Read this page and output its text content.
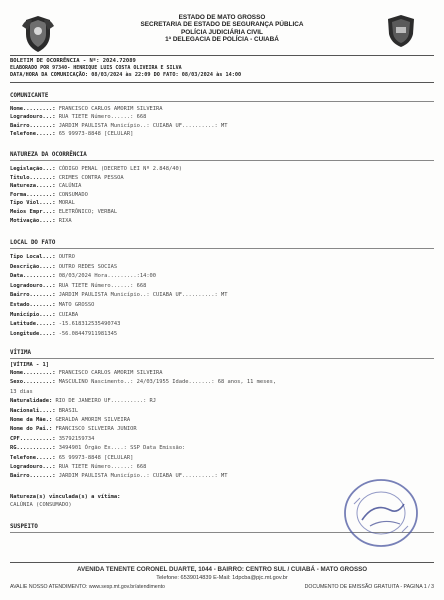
ESTADO DE MATO GROSSO
SECRETARIA DE ESTADO DE SEGURANÇA PÚBLICA
POLÍCIA JUDICIÁRIA CIVIL
1ª DELEGACIA DE POLÍCIA - CUIABÁ
BOLETIM DE OCORRÊNCIA - Nº: 2024.72089
ELABORADO POR 97340- HENRIQUE LUIS COSTA OLIVEIRA E SILVA
DATA/HORA DA COMUNICAÇÃO: 08/03/2024 às 22:09 DO FATO: 08/03/2024 às 14:00
COMUNICANTE
Nome.........: FRANCISCO CARLOS AMORIM SILVEIRA
Logradouro...: RUA TIETE Número......: 668
Bairro.......: JARDIM PAULISTA Município..: CUIABA UF..........: MT
Telefone.....: 65 99973-8848 [CELULAR]
NATUREZA DA OCORRÊNCIA
Legislação...: CÓDIGO PENAL (DECRETO LEI Nº 2.848/40)
Titulo.......: CRIMES CONTRA PESSOA
Natureza.....: CALÚNIA
Forma........: CONSUMADO
Tipo Viol....: MORAL
Meios Empr...: ELETRÔNICO; VERBAL
Motivação....: RIXA
LOCAL DO FATO
Tipo Local...: OUTRO
Descrição....: OUTRO REDES SOCIAS
Data.........: 08/03/2024 Hora.........:14:00
Logradouro...: RUA TIETE Número......: 668
Bairro.......: JARDIM PAULISTA Município..: CUIABA UF..........: MT
Estado.......: MATO GROSSO
Município....: CUIABA
Latitude.....: -15.618312535490743
Longitude....: -56.08447911981345
VÍTIMA
[VÍTIMA - 1]
Nome.........: FRANCISCO CARLOS AMORIM SILVEIRA
Sexo.........: MASCULINO Nascimento..: 24/03/1955 Idade.......: 68 anos, 11 meses,
13 dias
Naturalidade: RIO DE JANEIRO UF..........: RJ
Nacionali....: BRASIL
Nome da Mãe.: GERALDA AMORIM SILVEIRA
Nome do Pai.: FRANCISCO SILVEIRA JUNIOR
CPF..........: 35792159734
RG...........: 3494901 Órgão Ex....: SSP Data Emissão:
Telefone.....: 65 99973-8848 [CELULAR]
Logradouro...: RUA TIETE Número......: 668
Bairro.......: JARDIM PAULISTA Município..: CUIABA UF..........: MT
Natureza(s) vinculada(s) a vítima:
CALÚNIA (CONSUMADO)
SUSPEITO
AVENIDA TENENTE CORONEL DUARTE, 1044 - BAIRRO: CENTRO SUL / CUIABÁ - MATO GROSSO
Telefone: 6539014839 E-Mail: 1dpcba@pjc.mt.gov.br
AVALIE NOSSO ATENDIMENTO: www.sesp.mt.gov.br/atendimento	DOCUMENTO DE EMISSÃO GRATUITA - PAGINA 1 / 3
